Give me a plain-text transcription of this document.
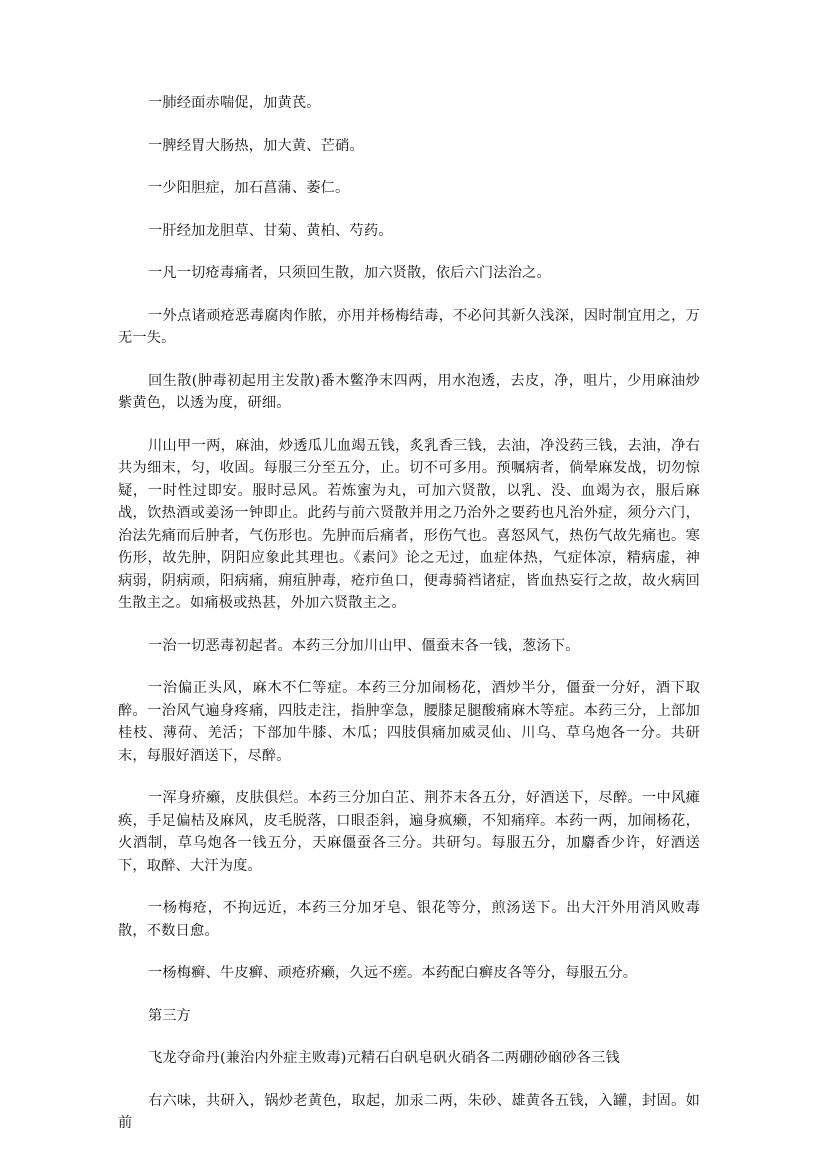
一肺经面赤喘促，加黄芪。

一脾经胃大肠热，加大黄、芒硝。

一少阳胆症，加石菖蒲、萎仁。

一肝经加龙胆草、甘菊、黄柏、芍药。

一凡一切疮毒痛者，只须回生散，加六贤散，依后六门法治之。

一外点诸顽疮恶毒腐肉作脓，亦用并杨梅结毒，不必问其新久浅深，因时制宜用之，万无一失。

回生散(肿毒初起用主发散)番木鳖净末四两，用水泡透，去皮，净，咀片，少用麻油炒紫黄色，以透为度，研细。

川山甲一两，麻油，炒透瓜儿血竭五钱，炙乳香三钱，去油，净没药三钱，去油，净右共为细末，匀，收固。每服三分至五分，止。切不可多用。预嘱病者，倘晕麻发战，切勿惊疑，一时性过即安。服时忌风。若炼蜜为丸，可加六贤散，以乳、没、血竭为衣，服后麻战，饮热酒或姜汤一钟即止。此药与前六贤散并用之乃治外之要药也凡治外症，须分六门，治法先痛而后肿者，气伤形也。先肿而后痛者，形伤气也。喜怒风气，热伤气故先痛也。寒伤形，故先肿，阴阳应象此其理也。《素问》论之无过，血症体热，气症体凉，精病虚，神病弱，阴病顽，阳病痛，痈疽肿毒，疮疖鱼口，便毒骑裆诸症，皆血热妄行之故，故火病回生散主之。如痛极或热甚，外加六贤散主之。

一治一切恶毒初起者。本药三分加川山甲、僵蚕末各一钱，葱汤下。

一治偏正头风，麻木不仁等症。本药三分加闹杨花，酒炒半分，僵蚕一分好，酒下取醉。一治风气遍身疼痛，四肢走注，指肿挛急，腰膝足腿酸痛麻木等症。本药三分，上部加桂枝、薄荷、羌活；下部加牛膝、木瓜；四肢俱痛加威灵仙、川乌、草乌炮各一分。共研末，每服好酒送下，尽醉。

一浑身疥癞，皮肤俱烂。本药三分加白芷、荆芥末各五分，好酒送下，尽醉。一中风瘫痪，手足偏枯及麻风，皮毛脱落，口眼歪斜，遍身疯癞，不知痛痒。本药一两，加闹杨花，火酒制，草乌炮各一钱五分，天麻僵蚕各三分。共研匀。每服五分，加麝香少许，好酒送下，取醉、大汗为度。

一杨梅疮，不拘远近，本药三分加牙皂、银花等分，煎汤送下。出大汗外用消风败毒散，不数日愈。

一杨梅癣、牛皮癣、顽疮疥癞，久远不瘥。本药配白癣皮各等分，每服五分。

第三方

飞龙夺命丹(兼治内外症主败毒)元精石白矾皂矾火硝各二两硼砂硇砂各三钱

右六味，共研入，锅炒老黄色，取起，加汞二两，朱砂、雄黄各五钱，入罐，封固。如前
